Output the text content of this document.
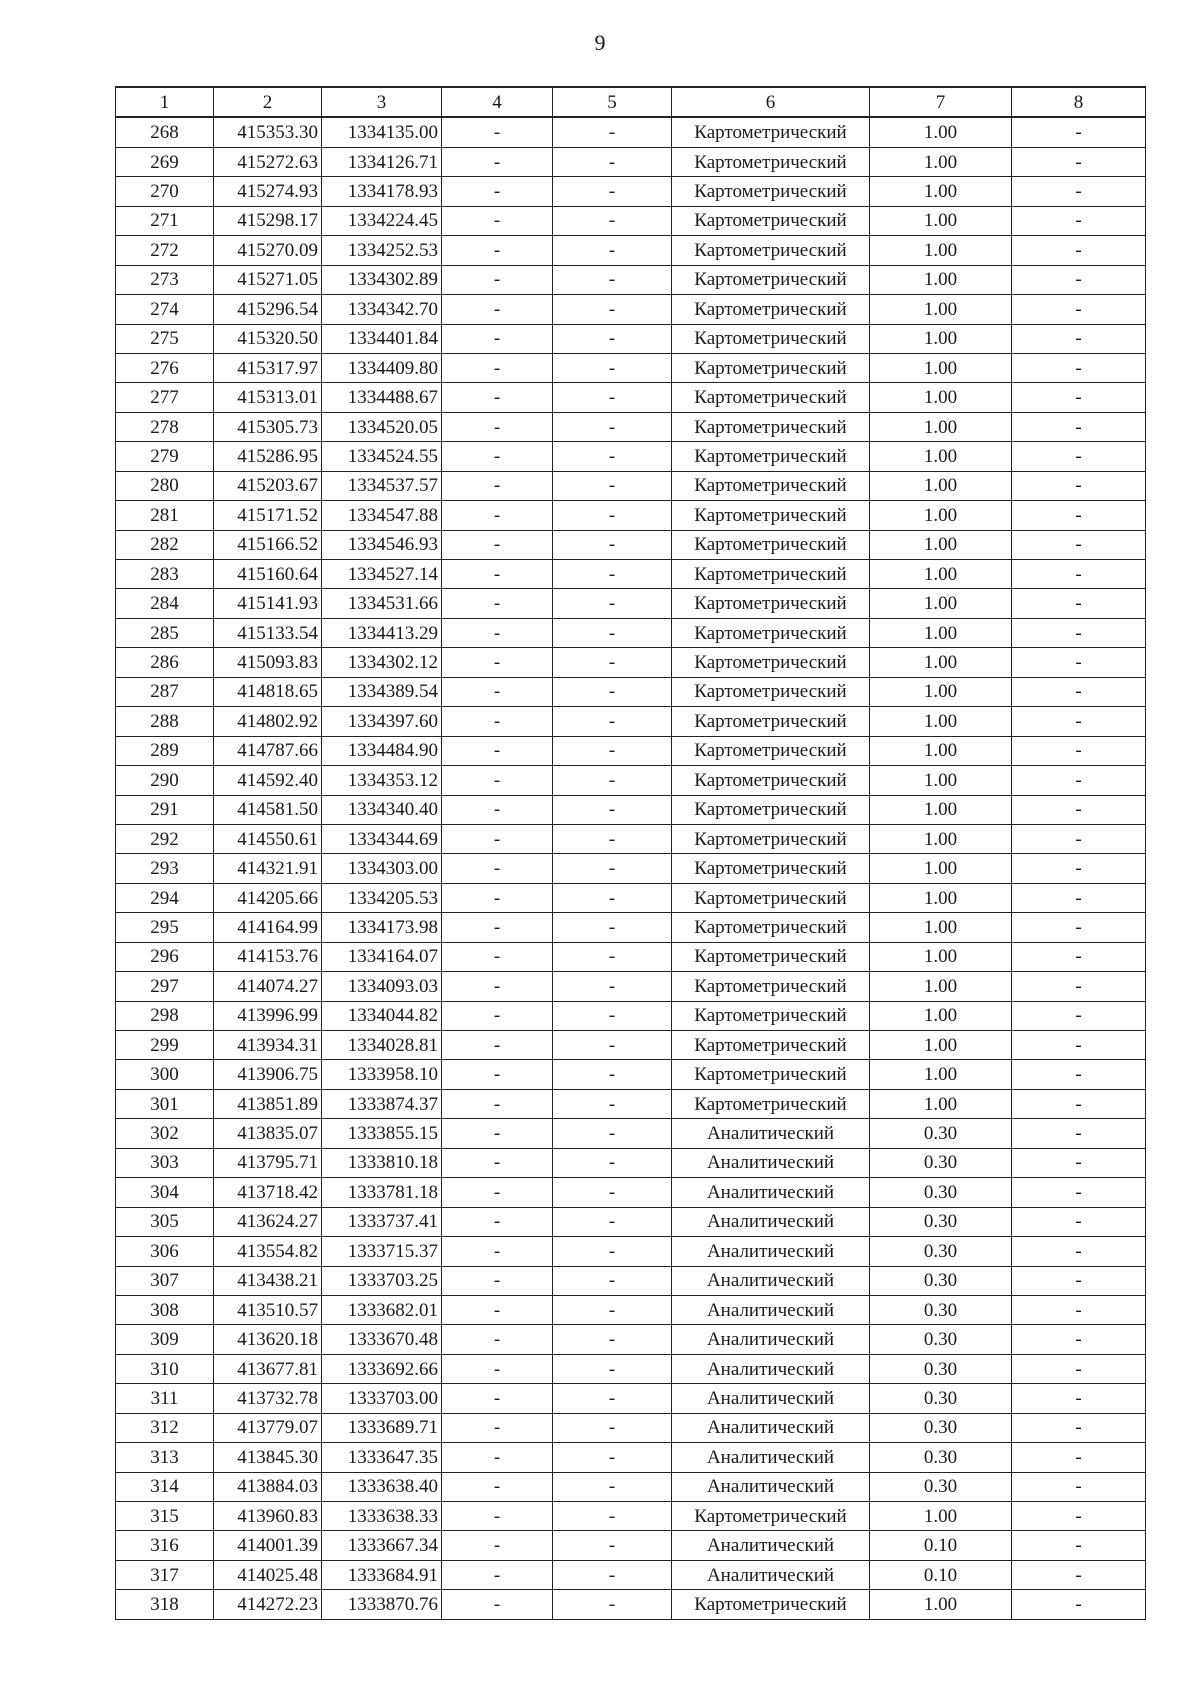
9
1	2	3	4	5	6	7	8
268	415353.30	1334135.00	-	-	Картометрический	1.00	-
269	415272.63	1334126.71	-	-	Картометрический	1.00	-
270	415274.93	1334178.93	-	-	Картометрический	1.00	-
271	415298.17	1334224.45	-	-	Картометрический	1.00	-
272	415270.09	1334252.53	-	-	Картометрический	1.00	-
273	415271.05	1334302.89	-	-	Картометрический	1.00	-
274	415296.54	1334342.70	-	-	Картометрический	1.00	-
275	415320.50	1334401.84	-	-	Картометрический	1.00	-
276	415317.97	1334409.80	-	-	Картометрический	1.00	-
277	415313.01	1334488.67	-	-	Картометрический	1.00	-
278	415305.73	1334520.05	-	-	Картометрический	1.00	-
279	415286.95	1334524.55	-	-	Картометрический	1.00	-
280	415203.67	1334537.57	-	-	Картометрический	1.00	-
281	415171.52	1334547.88	-	-	Картометрический	1.00	-
282	415166.52	1334546.93	-	-	Картометрический	1.00	-
283	415160.64	1334527.14	-	-	Картометрический	1.00	-
284	415141.93	1334531.66	-	-	Картометрический	1.00	-
285	415133.54	1334413.29	-	-	Картометрический	1.00	-
286	415093.83	1334302.12	-	-	Картометрический	1.00	-
287	414818.65	1334389.54	-	-	Картометрический	1.00	-
288	414802.92	1334397.60	-	-	Картометрический	1.00	-
289	414787.66	1334484.90	-	-	Картометрический	1.00	-
290	414592.40	1334353.12	-	-	Картометрический	1.00	-
291	414581.50	1334340.40	-	-	Картометрический	1.00	-
292	414550.61	1334344.69	-	-	Картометрический	1.00	-
293	414321.91	1334303.00	-	-	Картометрический	1.00	-
294	414205.66	1334205.53	-	-	Картометрический	1.00	-
295	414164.99	1334173.98	-	-	Картометрический	1.00	-
296	414153.76	1334164.07	-	-	Картометрический	1.00	-
297	414074.27	1334093.03	-	-	Картометрический	1.00	-
298	413996.99	1334044.82	-	-	Картометрический	1.00	-
299	413934.31	1334028.81	-	-	Картометрический	1.00	-
300	413906.75	1333958.10	-	-	Картометрический	1.00	-
301	413851.89	1333874.37	-	-	Картометрический	1.00	-
302	413835.07	1333855.15	-	-	Аналитический	0.30	-
303	413795.71	1333810.18	-	-	Аналитический	0.30	-
304	413718.42	1333781.18	-	-	Аналитический	0.30	-
305	413624.27	1333737.41	-	-	Аналитический	0.30	-
306	413554.82	1333715.37	-	-	Аналитический	0.30	-
307	413438.21	1333703.25	-	-	Аналитический	0.30	-
308	413510.57	1333682.01	-	-	Аналитический	0.30	-
309	413620.18	1333670.48	-	-	Аналитический	0.30	-
310	413677.81	1333692.66	-	-	Аналитический	0.30	-
311	413732.78	1333703.00	-	-	Аналитический	0.30	-
312	413779.07	1333689.71	-	-	Аналитический	0.30	-
313	413845.30	1333647.35	-	-	Аналитический	0.30	-
314	413884.03	1333638.40	-	-	Аналитический	0.30	-
315	413960.83	1333638.33	-	-	Картометрический	1.00	-
316	414001.39	1333667.34	-	-	Аналитический	0.10	-
317	414025.48	1333684.91	-	-	Аналитический	0.10	-
318	414272.23	1333870.76	-	-	Картометрический	1.00	-
